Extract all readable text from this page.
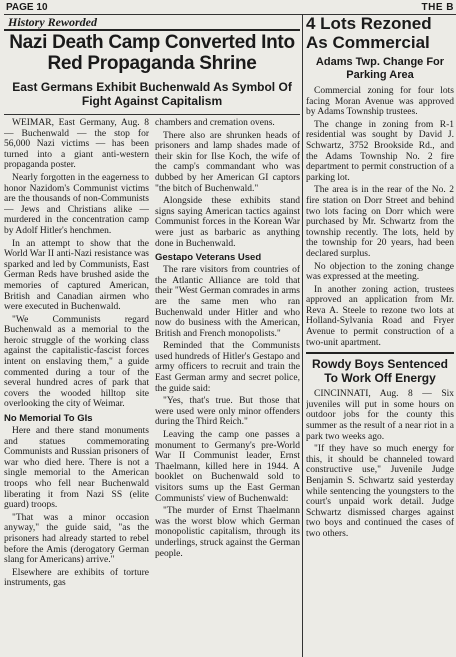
PAGE 10	THE B
History Reworded
Nazi Death Camp Converted Into Red Propaganda Shrine
East Germans Exhibit Buchenwald As Symbol Of Fight Against Capitalism

WEIMAR, East Germany, Aug. 8 — Buchenwald — the stop for 56,000 Nazi victims — has been turned into a giant anti-western propaganda poster.

Nearly forgotten in the eagerness to honor Nazidom's Communist victims are the thousands of non-Communists — Jews and Christians alike — murdered in the concentration camp by Adolf Hitler's henchmen.

In an attempt to show that the World War II anti-Nazi resistance was sparked and led by Communists, East German Reds have brushed aside the memories of captured American, British and Canadian airmen who were executed in Buchenwald.

"We Communists regard Buchenwald as a memorial to the heroic struggle of the working class against the capitalistic-fascist forces intent on enslaving them," a guide commented during a tour of the several hundred acres of park that covers the wooded hilltop site overlooking the city of Weimar.

No Memorial To GIs

Here and there stand monuments and statues commemorating Communists and Russian prisoners of war who died here. There is not a single memorial to the American troops who fell near Buchenwald liberating it from Nazi SS (elite guard) troops.

"That was a minor occasion anyway," the guide said, "as the prisoners had already started to rebel before the Amis (derogatory German slang for Americans) arrive."

Elsewhere are exhibits of torture instruments, gas

chambers and cremation ovens.

There also are shrunken heads of prisoners and lamp shades made of their skin for Ilse Koch, the wife of the camp's commandant who was dubbed by her American GI captors "the bitch of Buchenwald."

Alongside these exhibits stand signs saying American tactics against Communist forces in the Korean War were just as barbaric as anything done in Buchenwald.

Gestapo Veterans Used

The rare visitors from countries of the Atlantic Alliance are told that their "West German comrades in arms are the same men who ran Buchenwald under Hitler and who now do business with the American, British and French monopolists."

Reminded that the Communists used hundreds of Hitler's Gestapo and army officers to recruit and train the East German army and secret police, the guide said:

"Yes, that's true. But those that were used were only minor offenders during the Third Reich."

Leaving the camp one passes a monument to Germany's pre-World War II Communist leader, Ernst Thaelmann, killed here in 1944. A booklet on Buchenwald sold to visitors sums up the East German Communists' view of Buchenwald:

"The murder of Ernst Thaelmann was the worst blow which German monopolistic capitalism, through its underlings, struck against the German people.

4 Lots Rezoned As Commercial
Adams Twp. Change For Parking Area

Commercial zoning for four lots facing Moran Avenue was approved by Adams Township trustees.

The change in zoning from R-1 residential was sought by David J. Schwartz, 3752 Brookside Rd., and the Adams Township No. 2 fire department to permit construction of a parking lot.

The area is in the rear of the No. 2 fire station on Dorr Street and behind two lots facing on Dorr which were purchased by Mr. Schwartz from the township recently. The lots, held by the township for 20 years, had been declared surplus.

No objection to the zoning change was expressed at the meeting.

In another zoning action, trustees approved an application from Mr. Reva A. Steele to rezone two lots at Holland-Sylvania Road and Fryer Avenue to permit construction of a two-unit apartment.

Rowdy Boys Sentenced To Work Off Energy

CINCINNATI, Aug. 8 — Six juveniles will put in some hours on outdoor jobs for the county this summer as the result of a near riot in a park two weeks ago.

"If they have so much energy for this, it should be channeled toward constructive use," Juvenile Judge Benjamin S. Schwartz said yesterday while sentencing the youngsters to the court's unpaid work detail. Judge Schwartz dismissed charges against two boys and continued the cases of two others.
